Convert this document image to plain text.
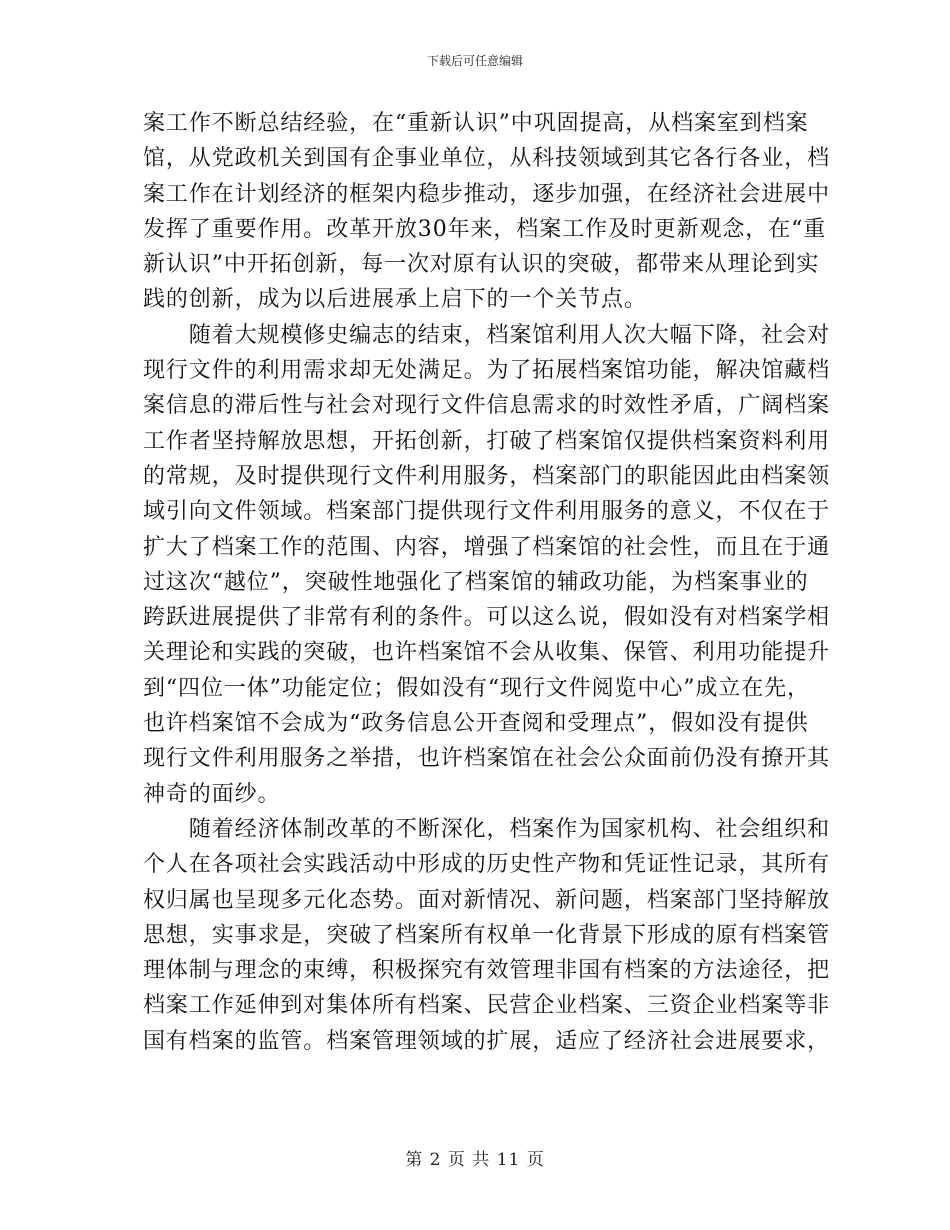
下载后可任意编辑
案工作不断总结经验，在“重新认识”中巩固提高，从档案室到档案
馆，从党政机关到国有企事业单位，从科技领域到其它各行各业，档
案工作在计划经济的框架内稳步推动，逐步加强，在经济社会进展中
发挥了重要作用。改革开放30年来，档案工作及时更新观念，在“重
新认识”中开拓创新，每一次对原有认识的突破，都带来从理论到实
践的创新，成为以后进展承上启下的一个关节点。
　　随着大规模修史编志的结束，档案馆利用人次大幅下降，社会对
现行文件的利用需求却无处满足。为了拓展档案馆功能，解决馆藏档
案信息的滞后性与社会对现行文件信息需求的时效性矛盾，广阔档案
工作者坚持解放思想，开拓创新，打破了档案馆仅提供档案资料利用
的常规，及时提供现行文件利用服务，档案部门的职能因此由档案领
域引向文件领域。档案部门提供现行文件利用服务的意义，不仅在于
扩大了档案工作的范围、内容，增强了档案馆的社会性，而且在于通
过这次“越位”，突破性地强化了档案馆的辅政功能，为档案事业的
跨跃进展提供了非常有利的条件。可以这么说，假如没有对档案学相
关理论和实践的突破，也许档案馆不会从收集、保管、利用功能提升
到“四位一体”功能定位；假如没有“现行文件阅览中心”成立在先，
也许档案馆不会成为“政务信息公开查阅和受理点”，假如没有提供
现行文件利用服务之举措，也许档案馆在社会公众面前仍没有撩开其
神奇的面纱。
　　随着经济体制改革的不断深化，档案作为国家机构、社会组织和
个人在各项社会实践活动中形成的历史性产物和凭证性记录，其所有
权归属也呈现多元化态势。面对新情况、新问题，档案部门坚持解放
思想，实事求是，突破了档案所有权单一化背景下形成的原有档案管
理体制与理念的束缚，积极探究有效管理非国有档案的方法途径，把
档案工作延伸到对集体所有档案、民营企业档案、三资企业档案等非
国有档案的监管。档案管理领域的扩展，适应了经济社会进展要求，
第 2 页 共 11 页
